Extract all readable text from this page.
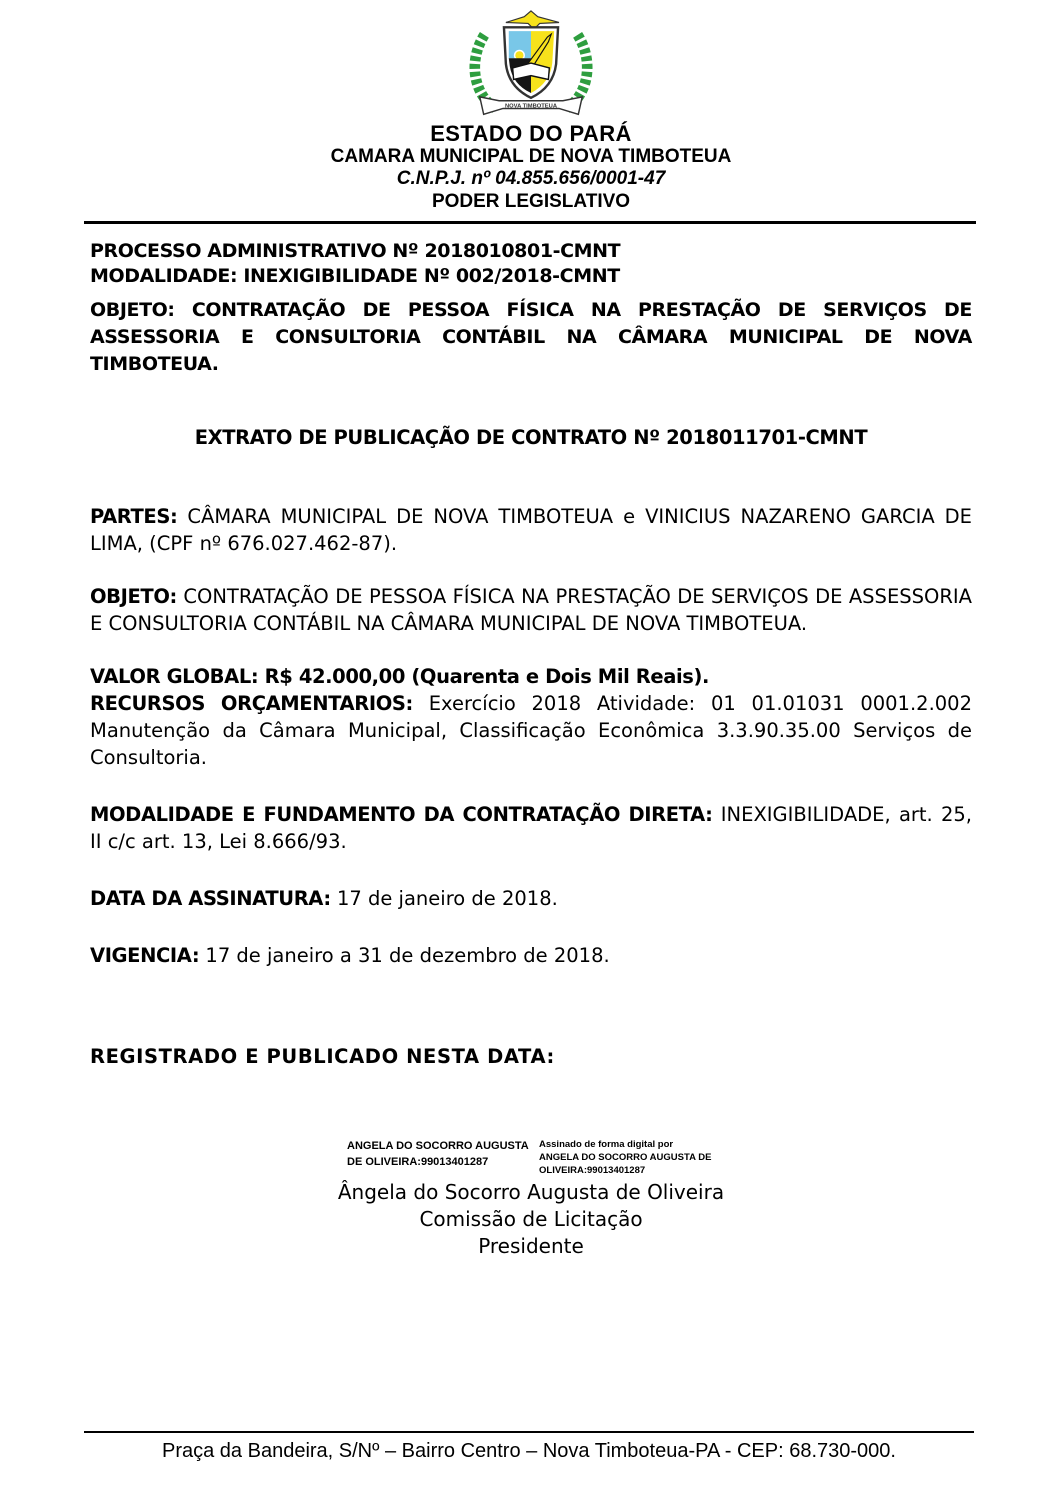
NOVA TIMBOTEUA
ESTADO DO PARÁ
CAMARA MUNICIPAL DE NOVA TIMBOTEUA
C.N.P.J. nº 04.855.656/0001-47
PODER LEGISLATIVO
PROCESSO ADMINISTRATIVO Nº 2018010801-CMNT
MODALIDADE: INEXIGIBILIDADE Nº 002/2018-CMNT
OBJETO: CONTRATAÇÃO DE PESSOA FÍSICA NA PRESTAÇÃO DE SERVIÇOS DE ASSESSORIA E CONSULTORIA CONTÁBIL NA CÂMARA MUNICIPAL DE NOVA TIMBOTEUA.
EXTRATO DE PUBLICAÇÃO DE CONTRATO Nº 2018011701-CMNT

PARTES: CÂMARA MUNICIPAL DE NOVA TIMBOTEUA e VINICIUS NAZARENO GARCIA DE LIMA, (CPF nº 676.027.462-87).

OBJETO: CONTRATAÇÃO DE PESSOA FÍSICA NA PRESTAÇÃO DE SERVIÇOS DE ASSESSORIA E CONSULTORIA CONTÁBIL NA CÂMARA MUNICIPAL DE NOVA TIMBOTEUA.

VALOR GLOBAL: R$ 42.000,00 (Quarenta e Dois Mil Reais).
RECURSOS ORÇAMENTARIOS: Exercício 2018 Atividade: 01 01.01031 0001.2.002 Manutenção da Câmara Municipal, Classificação Econômica 3.3.90.35.00 Serviços de Consultoria.

MODALIDADE E FUNDAMENTO DA CONTRATAÇÃO DIRETA: INEXIGIBILIDADE, art. 25, II c/c art. 13, Lei 8.666/93.

DATA DA ASSINATURA: 17 de janeiro de 2018.

VIGENCIA: 17 de janeiro a 31 de dezembro de 2018.

REGISTRADO E PUBLICADO NESTA DATA:
ANGELA DO SOCORRO AUGUSTA DE OLIVEIRA:99013401287
Assinado de forma digital por ANGELA DO SOCORRO AUGUSTA DE OLIVEIRA:99013401287
Ângela do Socorro Augusta de Oliveira
Comissão de Licitação
Presidente
Praça da Bandeira, S/Nº – Bairro Centro – Nova Timboteua-PA - CEP: 68.730-000.
